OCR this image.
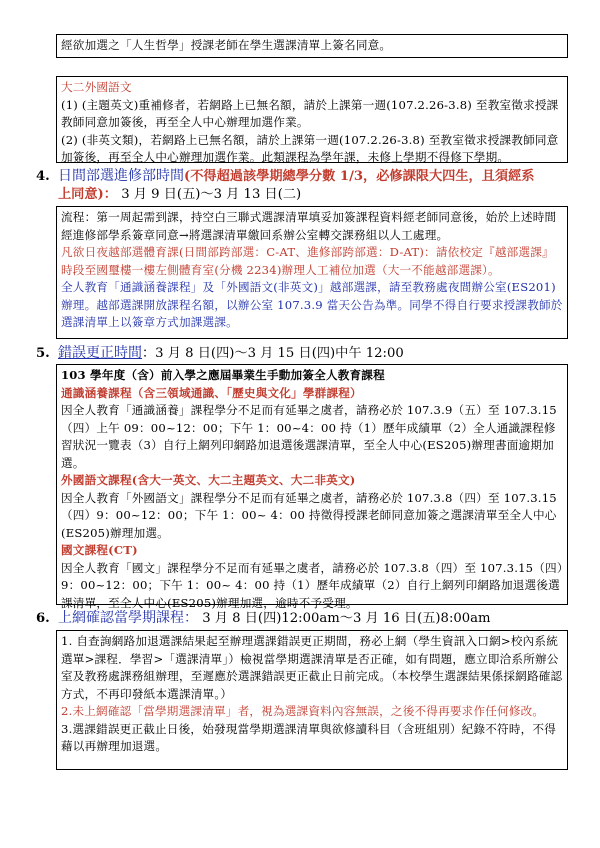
經欲加選之「人生哲學」授課老師在學生選課清單上簽名同意。

大二外國語文

(1) (主題英文)重補修者，若網路上已無名額，請於上課第一週(107.2.26-3.8) 至教室徵求授課教師同意加簽後，再至全人中心辦理加選作業。

(2) (非英文類)，若網路上已無名額，請於上課第一週(107.2.26-3.8) 至教室徵求授課教師同意加簽後，再至全人中心辦理加選作業。此類課程為學年課，未修上學期不得修下學期。

4. 日間部選進修部時間(不得超過該學期總學分數 1/3，必修課限大四生，且須經系
上同意)： 3 月 9 日(五)～3 月 13 日(二)

流程：第一周起需到課，持空白三聯式選課清單填妥加簽課程資料經老師同意後，始於上述時間經進修部學系簽章同意→將選課清單繳回系辦公室轉交課務組以人工處理。

凡欲日夜越部選體育課(日間部跨部選：C-AT、進修部跨部選：D-AT)：請依校定『越部選課』 時段至國璽樓一樓左側體育室(分機 2234)辦理人工補位加選（大一不能越部選課）。

全人教育「通識涵養課程」及「外國語文(非英文)」越部選課，請至教務處夜間辦公室(ES201)辦理。越部選課開放課程名額，以辦公室 107.3.9 當天公告為準。同學不得自行要求授課教師於選課清單上以簽章方式加課選課。

5. 錯誤更正時間：3 月 8 日(四)～3 月 15 日(四)中午 12:00

103 學年度（含）前入學之應屆畢業生手動加簽全人教育課程

通識涵養課程（含三領域通識、「歷史與文化」學群課程）

因全人教育「通識涵養」課程學分不足而有延畢之虞者，請務必於 107.3.9（五）至 107.3.15（四）上午 09：00~12：00；下午 1：00~4：00 持（1）歷年成績單（2）全人通識課程修習狀況一覽表（3）自行上網列印網路加退選後選課清單，至全人中心(ES205)辦理書面逾期加選。

外國語文課程(含大一英文、大二主題英文、大二非英文)

因全人教育「外國語文」課程學分不足而有延畢之虞者，請務必於 107.3.8（四）至 107.3.15（四）9：00~12：00；下午 1：00~ 4：00 持徵得授課老師同意加簽之選課清單至全人中心(ES205)辦理加選。

國文課程(CT)

因全人教育「國文」課程學分不足而有延畢之虞者，請務必於 107.3.8（四）至 107.3.15（四）9：00~12：00；下午 1：00~ 4：00 持（1）歷年成績單（2）自行上網列印網路加退選後選課清單，至全人中心(ES205)辦理加選，逾時不予受理。

6. 上網確認當學期課程： 3 月 8 日(四)12:00am～3 月 16 日(五)8:00am

1. 自查詢網路加退選課結果起至辦理選課錯誤更正期間，務必上網（學生資訊入口網>校內系統選單>課程．學習>「選課清單」）檢視當學期選課清單是否正確，如有問題，應立即洽系所辦公室及教務處課務組辦理，至遲應於選課錯誤更正截止日前完成。（本校學生選課結果係採網路確認方式，不再印發紙本選課清單。）

2.未上網確認「當學期選課清單」者，視為選課資料內容無誤，之後不得再要求作任何修改。

3.選課錯誤更正截止日後，始發現當學期選課清單與欲修讀科目（含班組別）紀錄不符時，不得藉以再辦理加退選。
